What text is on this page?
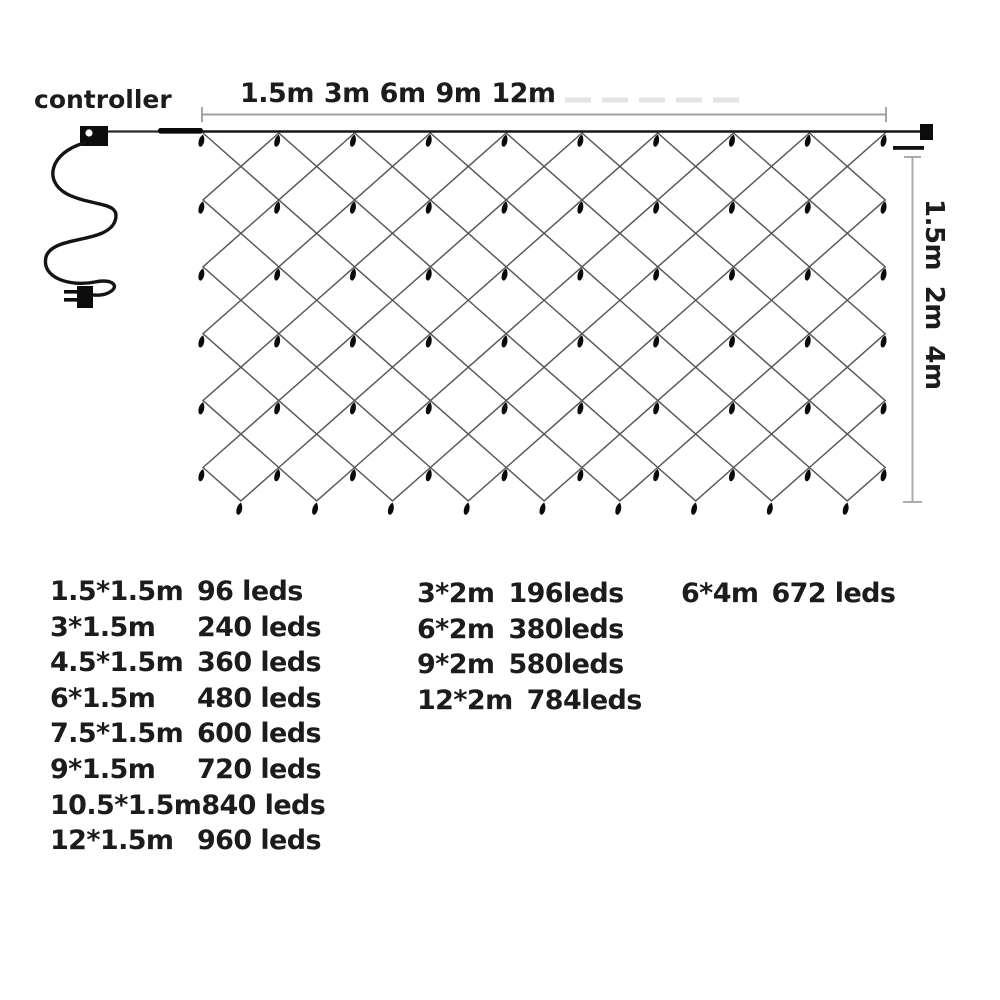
controller	1.5m 3m 6m 9m 12m
1.5m 2m 4m
1.5*1.5m 96 leds
3*1.5m	240 leds
4.5*1.5m 360 leds
6*1.5m	480 leds
7.5*1.5m 600 leds
9*1.5m	720 leds
10.5*1.5m 840 leds
12*1.5m 960 leds
3*2m 196leds
6*2m 380leds
9*2m 580leds
12*2m 784leds
6*4m 672 leds
